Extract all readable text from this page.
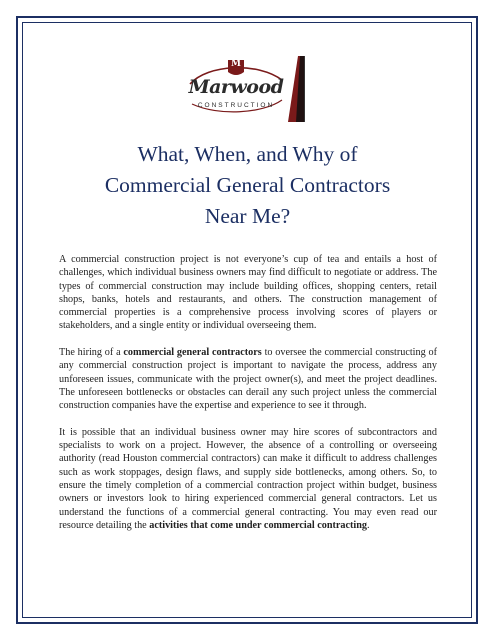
M
Marwood
CONSTRUCTION
What, When, and Why of
Commercial General Contractors
Near Me?

A commercial construction project is not everyone’s cup of tea and entails a host of challenges, which individual business owners may find difficult to negotiate or address. The types of commercial construction may include building offices, shopping centers, retail shops, banks, hotels and restaurants, and others. The construction management of commercial properties is a comprehensive process involving scores of players or stakeholders, and a single entity or individual overseeing them.

The hiring of a commercial general contractors to oversee the commercial constructing of any commercial construction project is important to navigate the process, address any unforeseen issues, communicate with the project owner(s), and meet the project deadlines. The unforeseen bottlenecks or obstacles can derail any such project unless the commercial construction companies have the expertise and experience to see it through.

It is possible that an individual business owner may hire scores of subcontractors and specialists to work on a project. However, the absence of a controlling or overseeing authority (read Houston commercial contractors) can make it difficult to address challenges such as work stoppages, design flaws, and supply side bottlenecks, among others. So, to ensure the timely completion of a commercial contraction project within budget, business owners or investors look to hiring experienced commercial general contractors. Let us understand the functions of a commercial general contracting. You may even read our resource detailing the activities that come under commercial contracting.
